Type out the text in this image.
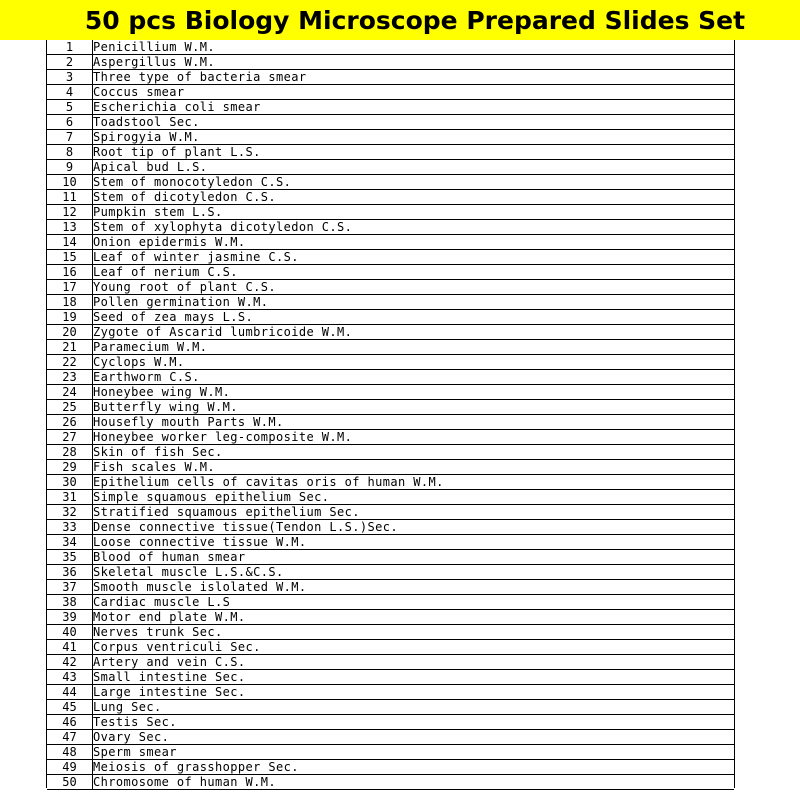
50 pcs Biology Microscope Prepared Slides Set
1	Penicillium W.M.
2	Aspergillus W.M.
3	Three type of bacteria smear
4	Coccus smear
5	Escherichia coli smear
6	Toadstool Sec.
7	Spirogyia W.M.
8	Root tip of plant L.S.
9	Apical bud L.S.
10	Stem of monocotyledon C.S.
11	Stem of dicotyledon C.S.
12	Pumpkin stem L.S.
13	Stem of xylophyta dicotyledon C.S.
14	Onion epidermis W.M.
15	Leaf of winter jasmine C.S.
16	Leaf of nerium C.S.
17	Young root of plant C.S.
18	Pollen germination W.M.
19	Seed of zea mays L.S.
20	Zygote of Ascarid lumbricoide W.M.
21	Paramecium W.M.
22	Cyclops W.M.
23	Earthworm C.S.
24	Honeybee wing W.M.
25	Butterfly wing W.M.
26	Housefly mouth Parts W.M.
27	Honeybee worker leg-composite W.M.
28	Skin of fish Sec.
29	Fish scales W.M.
30	Epithelium cells of cavitas oris of human W.M.
31	Simple squamous epithelium Sec.
32	Stratified squamous epithelium Sec.
33	Dense connective tissue(Tendon L.S.)Sec.
34	Loose connective tissue W.M.
35	Blood of human smear
36	Skeletal muscle L.S.&C.S.
37	Smooth muscle islolated W.M.
38	Cardiac muscle L.S
39	Motor end plate W.M.
40	Nerves trunk Sec.
41	Corpus ventriculi Sec.
42	Artery and vein C.S.
43	Small intestine Sec.
44	Large intestine Sec.
45	Lung Sec.
46	Testis Sec.
47	Ovary Sec.
48	Sperm smear
49	Meiosis of grasshopper Sec.
50	Chromosome of human W.M.
